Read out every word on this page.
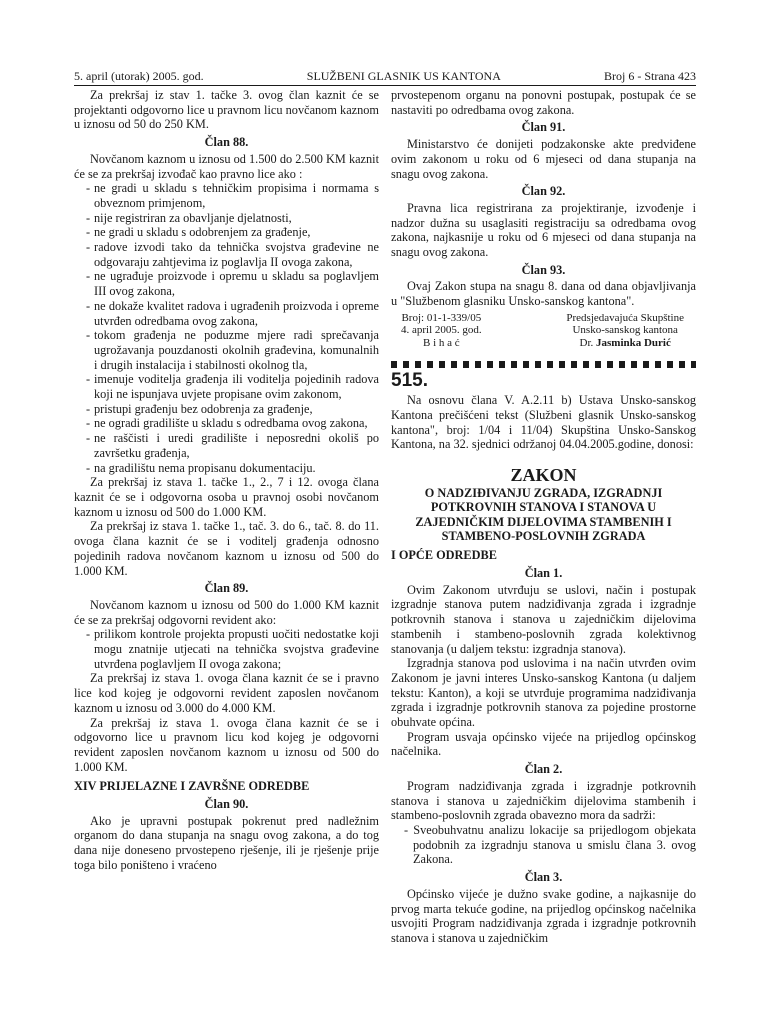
5. april (utorak) 2005. god.	SLUŽBENI GLASNIK US KANTONA	Broj 6 - Strana 423

Za prekršaj iz stav 1. tačke 3. ovog član kaznit će se projektanti odgovorno lice u pravnom licu novčanom kaznom u iznosu od 50 do 250 KM.

Član 88.

Novčanom kaznom u iznosu od 1.500 do 2.500 KM kaznit će se za prekršaj izvođač kao pravno lice ako :

- ne gradi u skladu s tehničkim propisima i normama s obveznom primjenom,
- nije registriran za obavljanje djelatnosti,
- ne gradi u skladu s odobrenjem za građenje,
- radove izvodi tako da tehnička svojstva građevine ne odgovaraju zahtjevima iz poglavlja II ovoga zakona,
- ne ugrađuje proizvode i opremu u skladu sa poglavljem III ovog zakona,
- ne dokaže kvalitet radova i ugrađenih proizvoda i opreme utvrđen odredbama ovog zakona,
- tokom građenja ne poduzme mjere radi sprečavanja ugrožavanja pouzdanosti okolnih građevina, komunalnih i drugih instalacija i stabilnosti okolnog tla,
- imenuje voditelja građenja ili voditelja pojedinih radova koji ne ispunjava uvjete propisane ovim zakonom,
- pristupi građenju bez odobrenja za građenje,
- ne ogradi gradilište u skladu s odredbama ovog zakona,
- ne raščisti i uredi gradilište i neposredni okoliš po završetku građenja,
- na gradilištu nema propisanu dokumentaciju.

Za prekršaj iz stava 1. tačke 1., 2., 7 i 12. ovoga člana kaznit će se i odgovorna osoba u pravnoj osobi novčanom kaznom u iznosu od 500 do 1.000 KM.

Za prekršaj iz stava 1. tačke 1., tač. 3. do 6., tač. 8. do 11. ovoga člana kaznit će se i voditelj građenja odnosno pojedinih radova novčanom kaznom u iznosu od 500 do 1.000 KM.

Član 89.

Novčanom kaznom u iznosu od 500 do 1.000 KM kaznit će se za prekršaj odgovorni revident ako:

- prilikom kontrole projekta propusti uočiti nedostatke koji mogu znatnije utjecati na tehnička svojstva građevine utvrđena poglavljem II ovoga zakona;

Za prekršaj iz stava 1. ovoga člana kaznit će se i pravno lice kod kojeg je odgovorni revident zaposlen novčanom kaznom u iznosu od 3.000 do 4.000 KM.

Za prekršaj iz stava 1. ovoga člana kaznit će se i odgovorno lice u pravnom licu kod kojeg je odgovorni revident zaposlen novčanom kaznom u iznosu od 500 do 1.000 KM.

XIV PRIJELAZNE I ZAVRŠNE ODREDBE

Član 90.

Ako je upravni postupak pokrenut pred nadležnim organom do dana stupanja na snagu ovog zakona, a do tog dana nije doneseno prvostepeno rješenje, ili je rješenje prije toga bilo poništeno i vraćeno

prvostepenom organu na ponovni postupak, postupak će se nastaviti po odredbama ovog zakona.

Član 91.

Ministarstvo će donijeti podzakonske akte predviđene ovim zakonom u roku od 6 mjeseci od dana stupanja na snagu ovog zakona.

Član 92.

Pravna lica registrirana za projektiranje, izvođenje i nadzor dužna su usaglasiti registraciju sa odredbama ovog zakona, najkasnije u roku od 6 mjeseci od dana stupanja na snagu ovog zakona.

Član 93.

Ovaj Zakon stupa na snagu 8. dana od dana objavljivanja u "Službenom glasniku Unsko-sanskog kantona".

Broj: 01-1-339/05
4. april 2005. god.
B i h a ć
Predsjedavajuća Skupštine
Unsko-sanskog kantona
Dr. Jasminka Durić
515.

Na osnovu člana V. A.2.11 b) Ustava Unsko-sanskog Kantona prečišćeni tekst (Službeni glasnik Unsko-sanskog kantona", broj: 1/04 i 11/04) Skupština Unsko-Sanskog Kantona, na 32. sjednici održanoj 04.04.2005.godine, donosi:

ZAKON

O NADZIĐIVANJU ZGRADA, IZGRADNJI POTKROVNIH STANOVA I STANOVA U ZAJEDNIČKIM DIJELOVIMA STAMBENIH I STAMBENO-POSLOVNIH ZGRADA

I OPĆE ODREDBE

Član 1.

Ovim Zakonom utvrđuju se uslovi, način i postupak izgradnje stanova putem nadziđivanja zgrada i izgradnje potkrovnih stanova i stanova u zajedničkim dijelovima stambenih i stambeno-poslovnih zgrada kolektivnog stanovanja (u daljem tekstu: izgradnja stanova).

Izgradnja stanova pod uslovima i na način utvrđen ovim Zakonom je javni interes Unsko-sanskog Kantona (u daljem tekstu: Kanton), a koji se utvrđuje programima nadziđivanja zgrada i izgradnje potkrovnih stanova za pojedine prostorne obuhvate općina.

Program usvaja općinsko vijeće na prijedlog općinskog načelnika.

Član 2.

Program nadziđivanja zgrada i izgradnje potkrovnih stanova i stanova u zajedničkim dijelovima stambenih i stambeno-poslovnih zgrada obavezno mora da sadrži:

- Sveobuhvatnu analizu lokacije sa prijedlogom objekata podobnih za izgradnju stanova u smislu člana 3. ovog Zakona.

Član 3.

Općinsko vijeće je dužno svake godine, a najkasnije do prvog marta tekuće godine, na prijedlog općinskog načelnika usvojiti Program nadziđivanja zgrada i izgradnje potkrovnih stanova i stanova u zajedničkim
